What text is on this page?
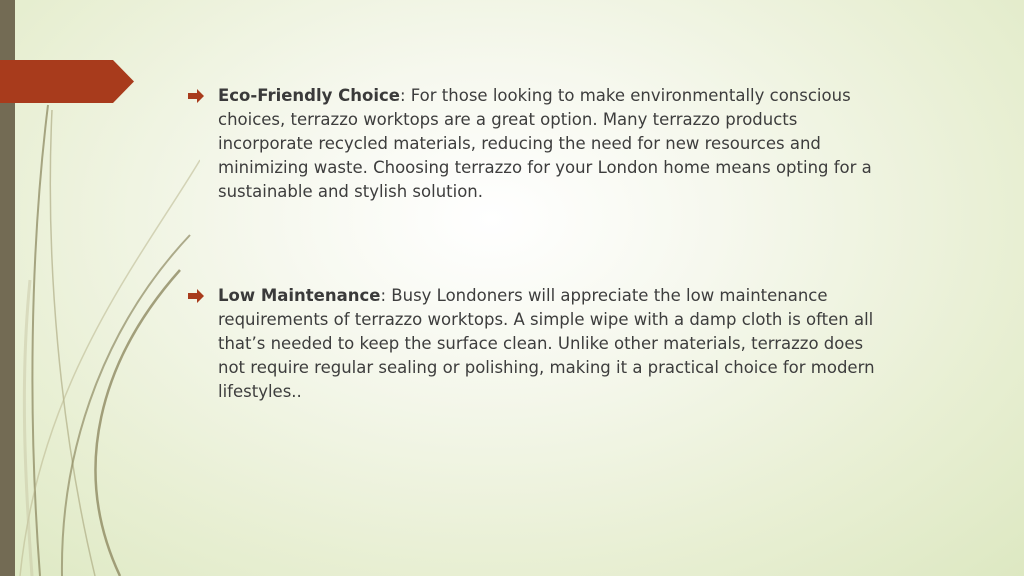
Eco-Friendly Choice: For those looking to make environmentally conscious choices, terrazzo worktops are a great option. Many terrazzo products incorporate recycled materials, reducing the need for new resources and minimizing waste. Choosing terrazzo for your London home means opting for a sustainable and stylish solution.
Low Maintenance: Busy Londoners will appreciate the low maintenance requirements of terrazzo worktops. A simple wipe with a damp cloth is often all that’s needed to keep the surface clean. Unlike other materials, terrazzo does not require regular sealing or polishing, making it a practical choice for modern lifestyles..
